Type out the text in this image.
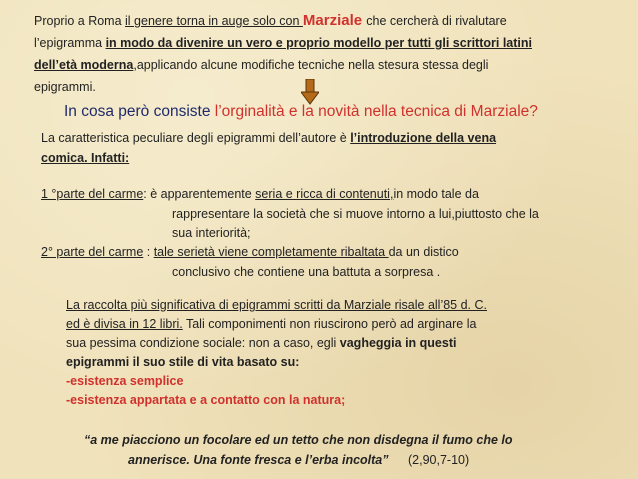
Proprio a Roma il genere torna in auge solo con Marziale che cercherà di rivalutare
l’epigramma in modo da divenire un vero e proprio modello per tutti gli scrittori latini
dell’età moderna,applicando alcune modifiche tecniche nella stesura stessa degli
epigrammi.
In cosa però consiste l’orginalità e la novità nella tecnica di Marziale?
La caratteristica peculiare degli epigrammi dell’autore è l’introduzione della vena
comica. Infatti:
1 °parte del carme: è apparentemente seria e ricca di contenuti,in modo tale da
rappresentare la società che si muove intorno a lui,piuttosto che la
sua interiorità;
2° parte del carme : tale serietà viene completamente ribaltata da un distico
conclusivo che contiene una battuta a sorpresa .
La raccolta più significativa di epigrammi scritti da Marziale risale all’85 d. C.
ed è divisa in 12 libri. Tali componimenti non riuscirono però ad arginare la
sua pessima condizione sociale: non a caso, egli vagheggia in questi
epigrammi il suo stile di vita basato su:
-esistenza semplice
-esistenza appartata e a contatto con la natura;
“a me piacciono un focolare ed un tetto che non disdegna il fumo che lo
annerisce. Una fonte fresca e l’erba incolta” (2,90,7-10)
